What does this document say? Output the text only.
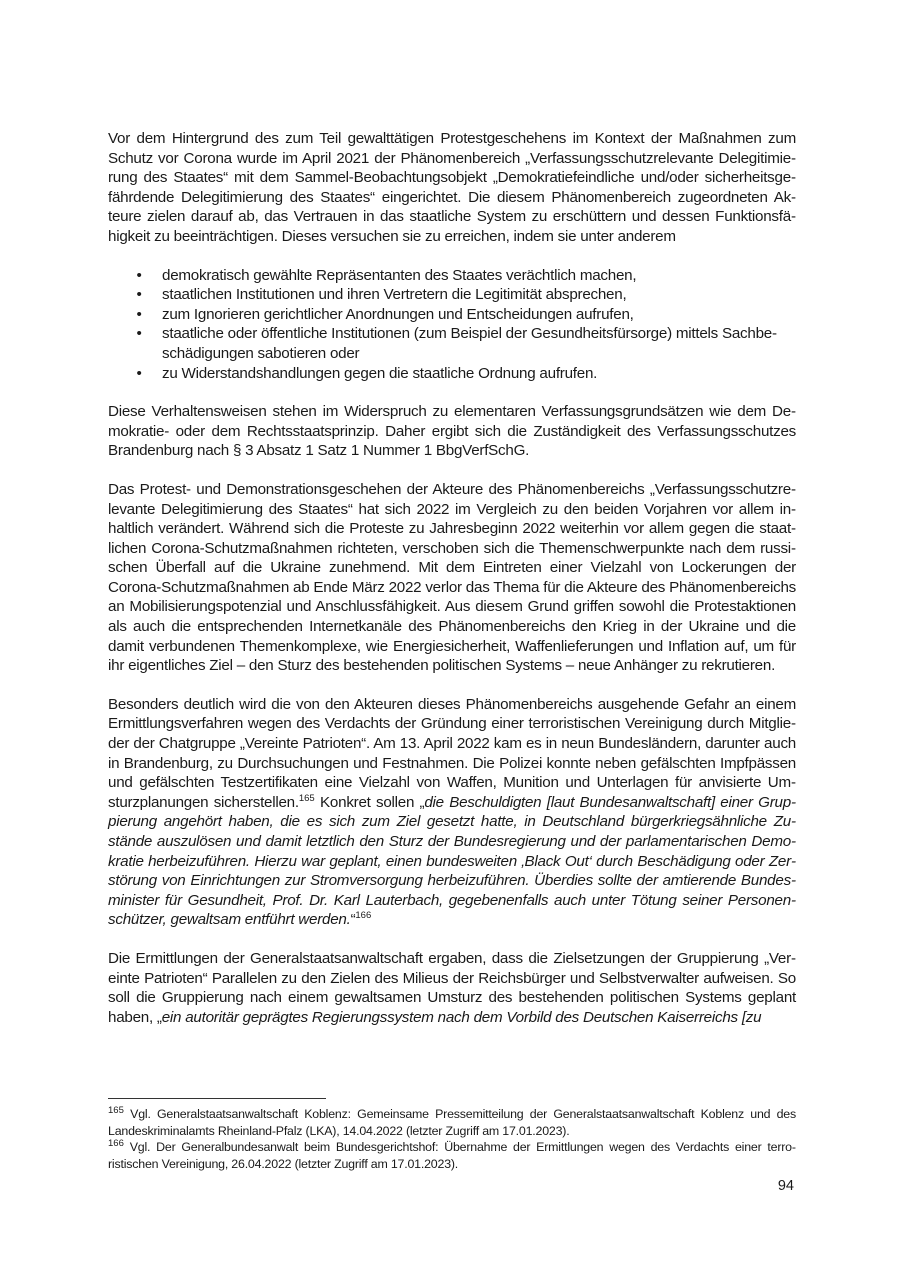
Vor dem Hintergrund des zum Teil gewalttätigen Protestgeschehens im Kontext der Maßnahmen zum Schutz vor Corona wurde im April 2021 der Phänomenbereich „Verfassungsschutzrelevante Delegitimierung des Staates“ mit dem Sammel-Beobachtungsobjekt „Demokratiefeindliche und/oder sicherheitsgefährdende Delegitimierung des Staates“ eingerichtet. Die diesem Phänomenbereich zugeordneten Akteure zielen darauf ab, das Vertrauen in das staatliche System zu erschüttern und dessen Funktionsfähigkeit zu beeinträchtigen. Dieses versuchen sie zu erreichen, indem sie unter anderem

• demokratisch gewählte Repräsentanten des Staates verächtlich machen,
• staatlichen Institutionen und ihren Vertretern die Legitimität absprechen,
• zum Ignorieren gerichtlicher Anordnungen und Entscheidungen aufrufen,
• staatliche oder öffentliche Institutionen (zum Beispiel der Gesundheitsfürsorge) mittels Sachbeschädigungen sabotieren oder
• zu Widerstandshandlungen gegen die staatliche Ordnung aufrufen.

Diese Verhaltensweisen stehen im Widerspruch zu elementaren Verfassungsgrundsätzen wie dem Demokratie- oder dem Rechtsstaatsprinzip. Daher ergibt sich die Zuständigkeit des Verfassungsschutzes Brandenburg nach § 3 Absatz 1 Satz 1 Nummer 1 BbgVerfSchG.

Das Protest- und Demonstrationsgeschehen der Akteure des Phänomenbereichs „Verfassungsschutzrelevante Delegitimierung des Staates“ hat sich 2022 im Vergleich zu den beiden Vorjahren vor allem inhaltlich verändert. Während sich die Proteste zu Jahresbeginn 2022 weiterhin vor allem gegen die staatlichen Corona-Schutzmaßnahmen richteten, verschoben sich die Themenschwerpunkte nach dem russischen Überfall auf die Ukraine zunehmend. Mit dem Eintreten einer Vielzahl von Lockerungen der Corona-Schutzmaßnahmen ab Ende März 2022 verlor das Thema für die Akteure des Phänomenbereichs an Mobilisierungspotenzial und Anschlussfähigkeit. Aus diesem Grund griffen sowohl die Protestaktionen als auch die entsprechenden Internetkanäle des Phänomenbereichs den Krieg in der Ukraine und die damit verbundenen Themenkomplexe, wie Energiesicherheit, Waffenlieferungen und Inflation auf, um für ihr eigentliches Ziel – den Sturz des bestehenden politischen Systems – neue Anhänger zu rekrutieren.

Besonders deutlich wird die von den Akteuren dieses Phänomenbereichs ausgehende Gefahr an einem Ermittlungsverfahren wegen des Verdachts der Gründung einer terroristischen Vereinigung durch Mitglieder der Chatgruppe „Vereinte Patrioten“. Am 13. April 2022 kam es in neun Bundesländern, darunter auch in Brandenburg, zu Durchsuchungen und Festnahmen. Die Polizei konnte neben gefälschten Impfpässen und gefälschten Testzertifikaten eine Vielzahl von Waffen, Munition und Unterlagen für anvisierte Umsturzplanungen sicherstellen.$^{165}$ Konkret sollen „die Beschuldigten [laut Bundesanwaltschaft] einer Gruppierung angehört haben, die es sich zum Ziel gesetzt hatte, in Deutschland bürgerkriegsähnliche Zustände auszulösen und damit letztlich den Sturz der Bundesregierung und der parlamentarischen Demokratie herbeizuführen. Hierzu war geplant, einen bundesweiten ‚Black Out‘ durch Beschädigung oder Zerstörung von Einrichtungen zur Stromversorgung herbeizuführen. Überdies sollte der amtierende Bundesminister für Gesundheit, Prof. Dr. Karl Lauterbach, gegebenenfalls auch unter Tötung seiner Personenschützer, gewaltsam entführt werden.“$^{166}$

Die Ermittlungen der Generalstaatsanwaltschaft ergaben, dass die Zielsetzungen der Gruppierung „Vereinte Patrioten“ Parallelen zu den Zielen des Milieus der Reichsbürger und Selbstverwalter aufweisen. So soll die Gruppierung nach einem gewaltsamen Umsturz des bestehenden politischen Systems geplant haben, „ein autoritär geprägtes Regierungssystem nach dem Vorbild des Deutschen Kaiserreichs [zu

$^{165}$ Vgl. Generalstaatsanwaltschaft Koblenz: Gemeinsame Pressemitteilung der Generalstaatsanwaltschaft Koblenz und des Landeskriminalamts Rheinland-Pfalz (LKA), 14.04.2022 (letzter Zugriff am 17.01.2023).

$^{166}$ Vgl. Der Generalbundesanwalt beim Bundesgerichtshof: Übernahme der Ermittlungen wegen des Verdachts einer terroristischen Vereinigung, 26.04.2022 (letzter Zugriff am 17.01.2023).

94
